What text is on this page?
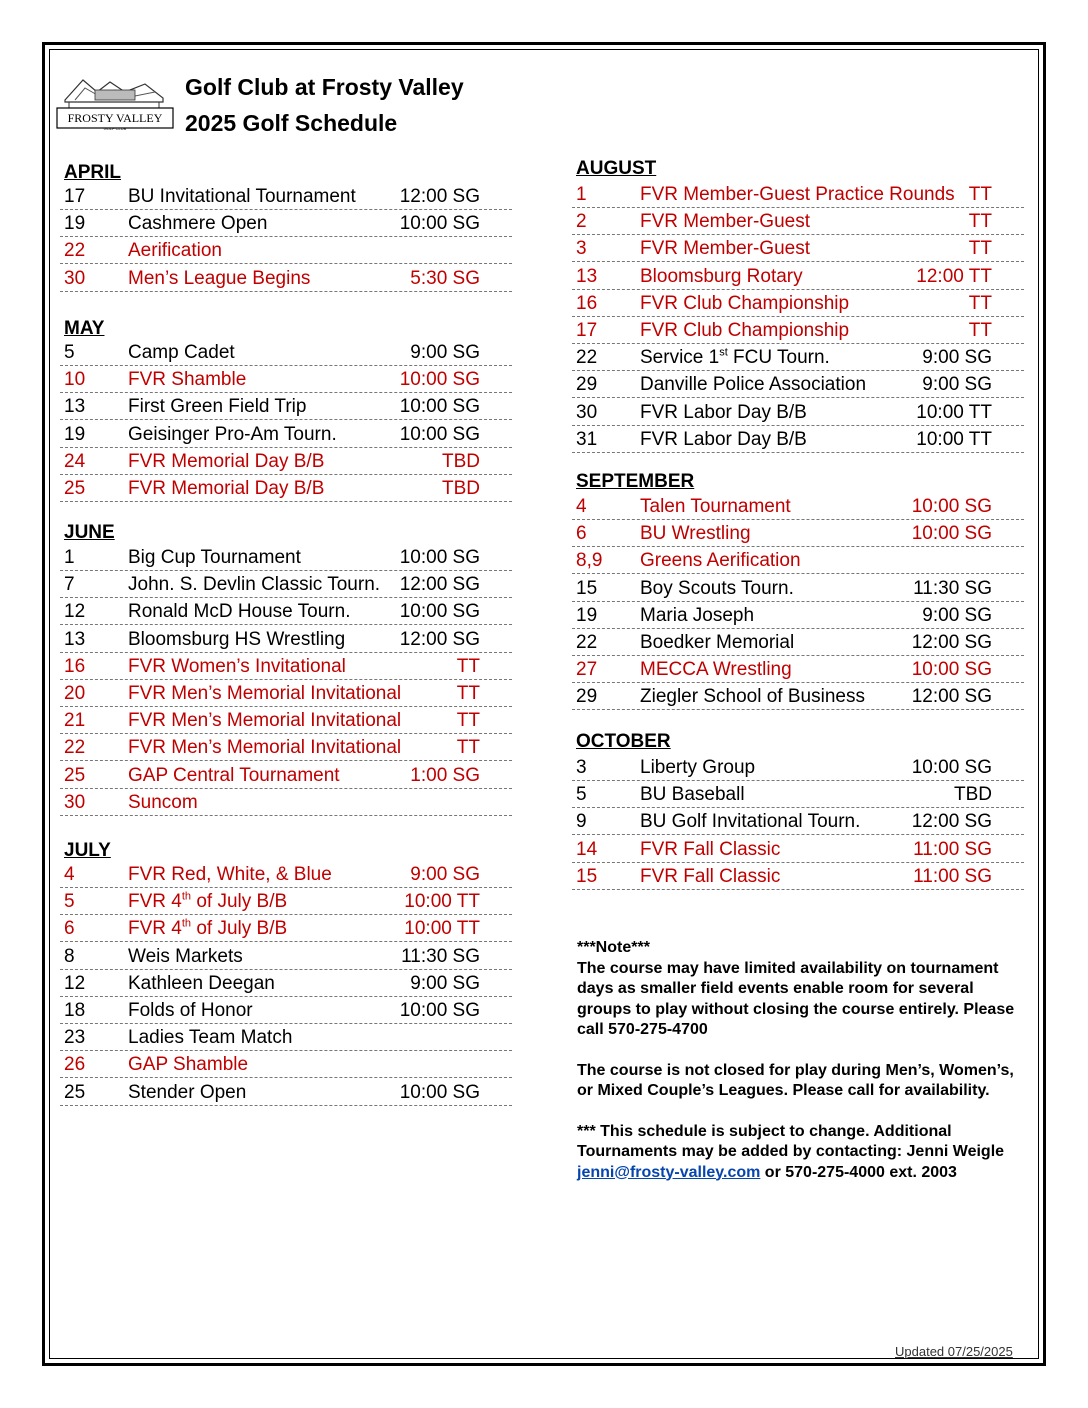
FROSTY VALLEY
GOLF CLUB
Golf Club at Frosty Valley
2025 Golf Schedule
APRIL
17 BU Invitational Tournament 12:00 SG
19 Cashmere Open	10:00 SG
22 Aerification
30 Men’s League Begins	5:30 SG
MAY
5	Camp Cadet	9:00 SG
10 FVR Shamble	10:00 SG
13 First Green Field Trip	10:00 SG
19 Geisinger Pro-Am Tourn.	10:00 SG
24 FVR Memorial Day B/B	TBD
25 FVR Memorial Day B/B	TBD
JUNE
1	Big Cup Tournament	10:00 SG
7	John. S. Devlin Classic Tourn. 12:00 SG
12 Ronald McD House Tourn.	10:00 SG
13 Bloomsburg HS Wrestling	12:00 SG
16 FVR Women’s Invitational	TT
20 FVR Men’s Memorial Invitational	TT
21 FVR Men’s Memorial Invitational	TT
22 FVR Men’s Memorial Invitational	TT
25 GAP Central Tournament	1:00 SG
30 Suncom
JULY
4	FVR Red, White, & Blue	9:00 SG
5	FVR 4th of July B/B	10:00 TT
6	FVR 4th of July B/B	10:00 TT
8	Weis Markets	11:30 SG
12 Kathleen Deegan	9:00 SG
18 Folds of Honor	10:00 SG
23 Ladies Team Match
26 GAP Shamble
25 Stender Open	10:00 SG
AUGUST
1	FVR Member-Guest Practice Rounds TT
2	FVR Member-Guest	TT
3	FVR Member-Guest	TT
13 Bloomsburg Rotary	12:00 TT
16 FVR Club Championship	TT
17 FVR Club Championship	TT
22 Service 1st FCU Tourn.	9:00 SG
29 Danville Police Association	9:00 SG
30 FVR Labor Day B/B	10:00 TT
31 FVR Labor Day B/B	10:00 TT
SEPTEMBER
4	Talen Tournament	10:00 SG
6	BU Wrestling	10:00 SG
8,9 Greens Aerification
15 Boy Scouts Tourn.	11:30 SG
19 Maria Joseph	9:00 SG
22 Boedker Memorial	12:00 SG
27 MECCA Wrestling	10:00 SG
29 Ziegler School of Business 12:00 SG
OCTOBER
3	Liberty Group	10:00 SG
5	BU Baseball	TBD
9	BU Golf Invitational Tourn.	12:00 SG
14 FVR Fall Classic	11:00 SG
15 FVR Fall Classic	11:00 SG
***Note***

The course may have limited availability on tournament days as smaller field events enable room for several groups to play without closing the course entirely. Please call 570-275-4700

The course is not closed for play during Men’s, Women’s, or Mixed Couple’s Leagues. Please call for availability.

*** This schedule is subject to change. Additional Tournaments may be added by contacting: Jenni Weigle jenni@frosty-valley.com or 570-275-4000 ext. 2003

Updated 07/25/2025
